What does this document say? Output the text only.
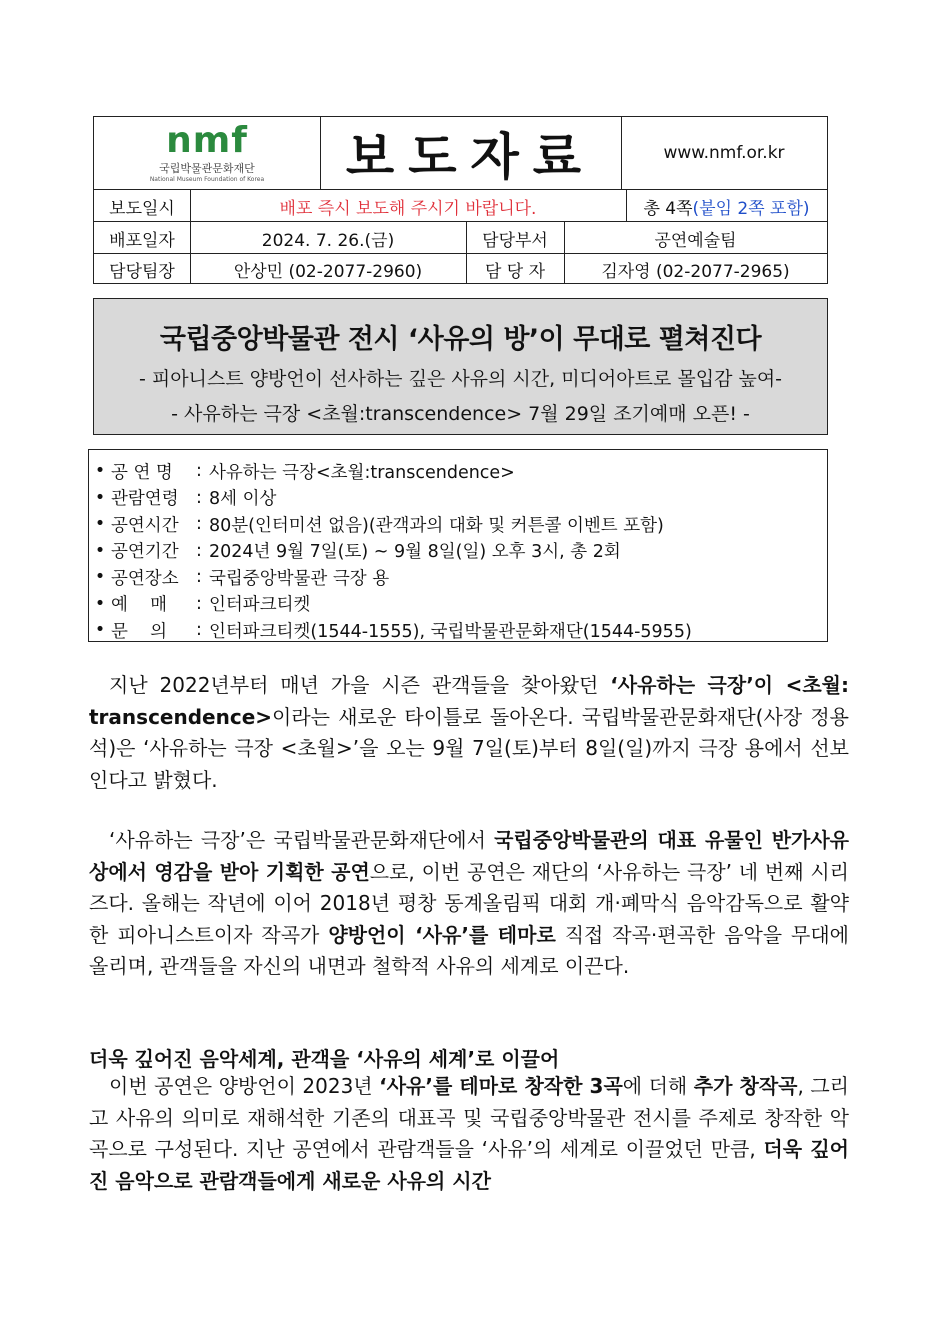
nmf
국립박물관문화재단
National Museum Foundation of Korea	보도자료	www.nmf.or.kr
보도일시	배포 즉시 보도해 주시기 바랍니다.	총 4쪽 (붙임 2쪽 포함)
배포일자	2024. 7. 26.(금)	담당부서	공연예술팀
담당팀장	안상민 (02-2077-2960)	담 당 자	김자영 (02-2077-2965)
국립중앙박물관 전시 ‘사유의 방’이 무대로 펼쳐진다
- 피아니스트 양방언이 선사하는 깊은 사유의 시간, 미디어아트로 몰입감 높여-
- 사유하는 극장 <초월:transcendence> 7월 29일 조기예매 오픈! -
• 공 연 명	: 사유하는 극장<초월:transcendence>
• 관람연령 : 8세 이상
• 공연시간 : 80분(인터미션 없음)(관객과의 대화 및 커튼콜 이벤트 포함)
• 공연기간 : 2024년 9월 7일(토) ~ 9월 8일(일) 오후 3시, 총 2회
• 공연장소 : 국립중앙박물관 극장 용
• 예    매	: 인터파크티켓
• 문    의	: 인터파크티켓(1544-1555), 국립박물관문화재단(1544-5955)
지난 2022년부터 매년 가을 시즌 관객들을 찾아왔던 ‘사유하는 극장’이 <초월: transcendence>이라는 새로운 타이틀로 돌아온다. 국립박물관문화재단(사장 정용석)은 ‘사유하는 극장 <초월>’을 오는 9월 7일(토)부터 8일(일)까지 극장 용에서 선보인다고 밝혔다.
‘사유하는 극장’은 국립박물관문화재단에서 국립중앙박물관의 대표 유물인 반가사유상에서 영감을 받아 기획한 공연으로, 이번 공연은 재단의 ‘사유하는 극장’ 네 번째 시리즈다. 올해는 작년에 이어 2018년 평창 동계올림픽 대회 개·폐막식 음악감독으로 활약한 피아니스트이자 작곡가 양방언이 ‘사유’를 테마로 직접 작곡·편곡한 음악을 무대에 올리며, 관객들을 자신의 내면과 철학적 사유의 세계로 이끈다.
더욱 깊어진 음악세계, 관객을 ‘사유의 세계’로 이끌어
이번 공연은 양방언이 2023년 ‘사유’를 테마로 창작한 3곡에 더해 추가 창작곡, 그리고 사유의 의미로 재해석한 기존의 대표곡 및 국립중앙박물관 전시를 주제로 창작한 악곡으로 구성된다. 지난 공연에서 관람객들을 ‘사유’의 세계로 이끌었던 만큼, 더욱 깊어진 음악으로 관람객들에게 새로운 사유의 시간
